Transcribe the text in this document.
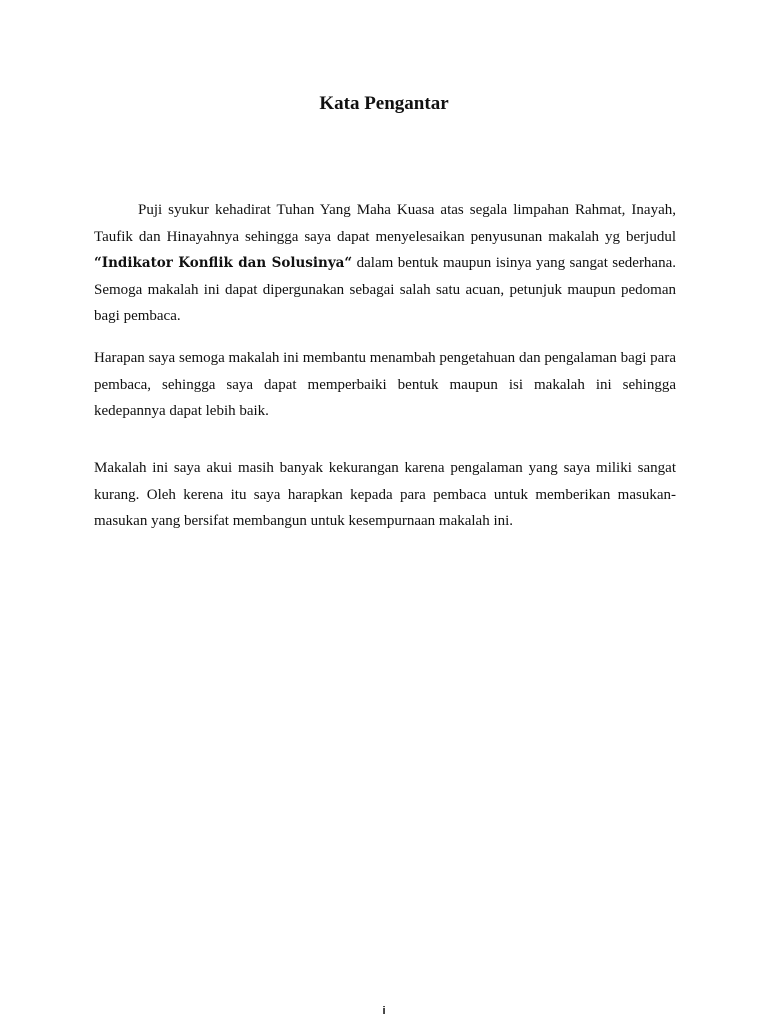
Kata Pengantar

Puji syukur kehadirat Tuhan Yang Maha Kuasa atas segala limpahan Rahmat, Inayah, Taufik dan Hinayahnya sehingga saya dapat menyelesaikan penyusunan makalah yg berjudul “Indikator Konflik dan Solusinya“ dalam bentuk maupun isinya yang sangat sederhana. Semoga makalah ini dapat dipergunakan sebagai salah satu acuan, petunjuk maupun pedoman bagi pembaca.

Harapan saya semoga makalah ini membantu menambah pengetahuan dan pengalaman bagi para pembaca, sehingga saya dapat memperbaiki bentuk maupun isi makalah ini sehingga kedepannya dapat lebih baik.

Makalah ini saya akui masih banyak kekurangan karena pengalaman yang saya miliki sangat kurang. Oleh kerena itu saya harapkan kepada para pembaca untuk memberikan masukan-masukan yang bersifat membangun untuk kesempurnaan makalah ini.

i
